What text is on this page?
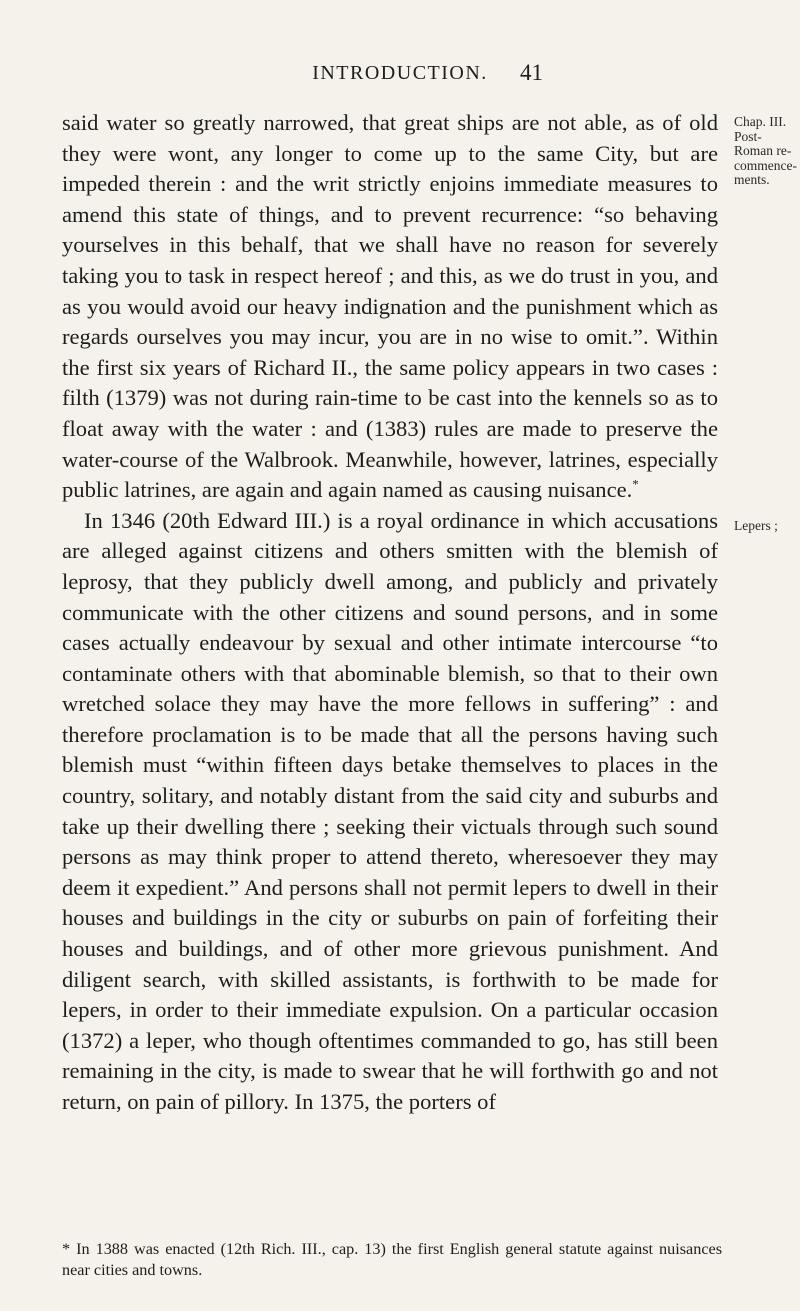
INTRODUCTION.	41
Chap. III.
Post-Roman re-commence-ments.
Lepers ;

said water so greatly narrowed, that great ships are not able, as of old they were wont, any longer to come up to the same City, but are impeded therein : and the writ strictly enjoins immediate measures to amend this state of things, and to prevent recurrence: “so behaving yourselves in this behalf, that we shall have no reason for severely taking you to task in respect hereof ; and this, as we do trust in you, and as you would avoid our heavy indignation and the punishment which as regards ourselves you may incur, you are in no wise to omit.”. Within the first six years of Richard II., the same policy appears in two cases : filth (1379) was not during rain-time to be cast into the kennels so as to float away with the water : and (1383) rules are made to preserve the water-course of the Walbrook. Meanwhile, however, latrines, especially public latrines, are again and again named as causing nuisance.*

In 1346 (20th Edward III.) is a royal ordinance in which accusations are alleged against citizens and others smitten with the blemish of leprosy, that they publicly dwell among, and publicly and privately communicate with the other citizens and sound persons, and in some cases actually endeavour by sexual and other intimate intercourse “to contaminate others with that abominable blemish, so that to their own wretched solace they may have the more fellows in suffering” : and therefore proclamation is to be made that all the persons having such blemish must “within fifteen days betake themselves to places in the country, solitary, and notably distant from the said city and suburbs and take up their dwelling there ; seeking their victuals through such sound persons as may think proper to attend thereto, wheresoever they may deem it expedient.” And persons shall not permit lepers to dwell in their houses and buildings in the city or suburbs on pain of forfeiting their houses and buildings, and of other more grievous punishment. And diligent search, with skilled assistants, is forthwith to be made for lepers, in order to their immediate expulsion. On a particular occasion (1372) a leper, who though oftentimes commanded to go, has still been remaining in the city, is made to swear that he will forthwith go and not return, on pain of pillory. In 1375, the porters of

* In 1388 was enacted (12th Rich. III., cap. 13) the first English general statute against nuisances near cities and towns.
